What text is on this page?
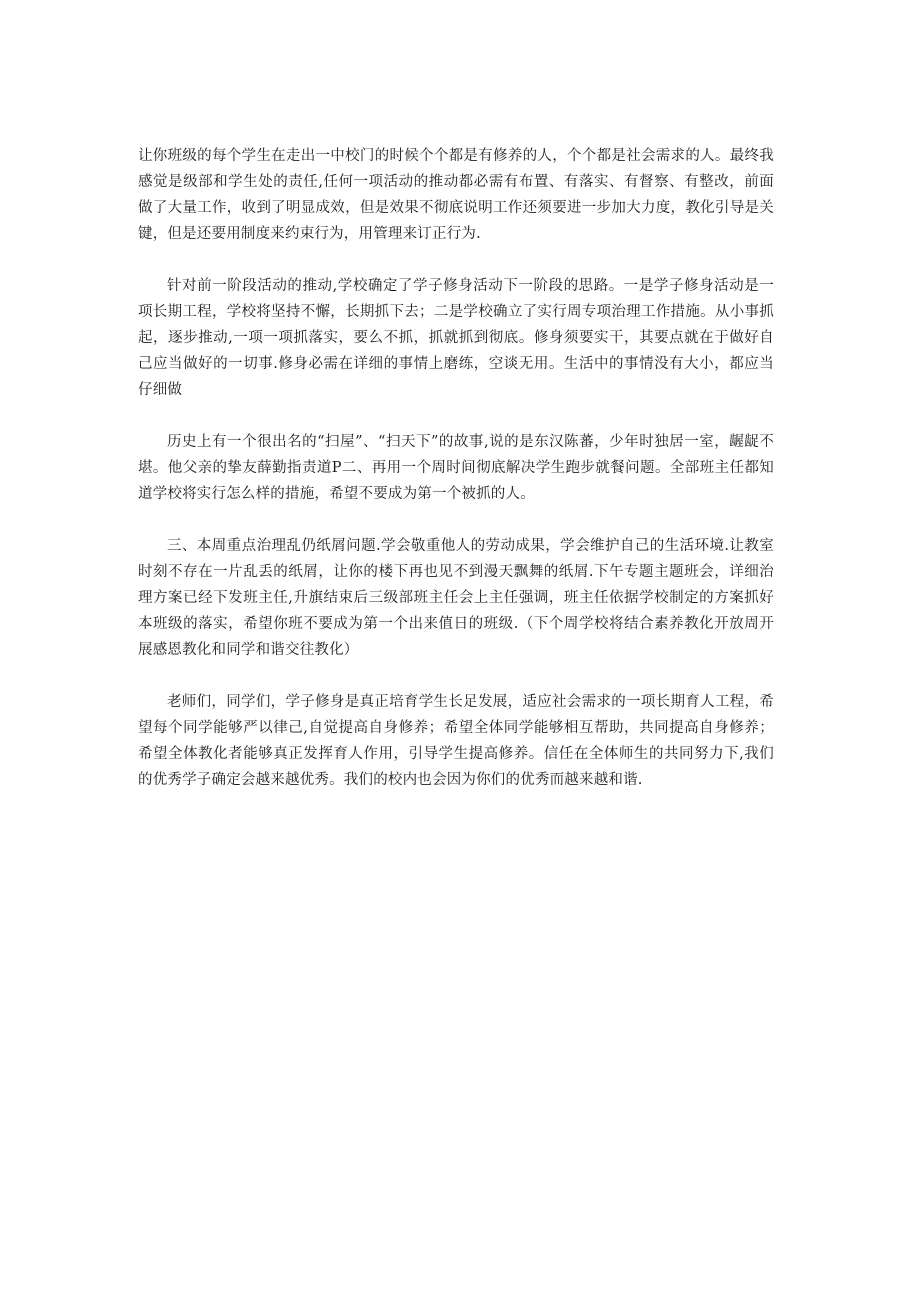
让你班级的每个学生在走出一中校门的时候个个都是有修养的人，个个都是社会需求的人。最终我感觉是级部和学生处的责任,任何一项活动的推动都必需有布置、有落实、有督察、有整改，前面做了大量工作，收到了明显成效，但是效果不彻底说明工作还须要进一步加大力度，教化引导是关键，但是还要用制度来约束行为，用管理来订正行为.

针对前一阶段活动的推动,学校确定了学子修身活动下一阶段的思路。一是学子修身活动是一项长期工程，学校将坚持不懈，长期抓下去；二是学校确立了实行周专项治理工作措施。从小事抓起，逐步推动,一项一项抓落实，要么不抓，抓就抓到彻底。修身须要实干，其要点就在于做好自己应当做好的一切事.修身必需在详细的事情上磨练，空谈无用。生活中的事情没有大小，都应当仔细做

历史上有一个很出名的“扫屋”、“扫天下”的故事,说的是东汉陈蕃，少年时独居一室，龌龊不堪。他父亲的挚友薛勤指责道P二、再用一个周时间彻底解决学生跑步就餐问题。全部班主任都知道学校将实行怎么样的措施，希望不要成为第一个被抓的人。

三、本周重点治理乱仍纸屑问题.学会敬重他人的劳动成果，学会维护自己的生活环境.让教室时刻不存在一片乱丢的纸屑，让你的楼下再也见不到漫天飘舞的纸屑.下午专题主题班会，详细治理方案已经下发班主任,升旗结束后三级部班主任会上主任强调，班主任依据学校制定的方案抓好本班级的落实，希望你班不要成为第一个出来值日的班级.（下个周学校将结合素养教化开放周开展感恩教化和同学和谐交往教化）

老师们，同学们，学子修身是真正培育学生长足发展，适应社会需求的一项长期育人工程，希望每个同学能够严以律己,自觉提高自身修养；希望全体同学能够相互帮助，共同提高自身修养；希望全体教化者能够真正发挥育人作用，引导学生提高修养。信任在全体师生的共同努力下,我们的优秀学子确定会越来越优秀。我们的校内也会因为你们的优秀而越来越和谐.
